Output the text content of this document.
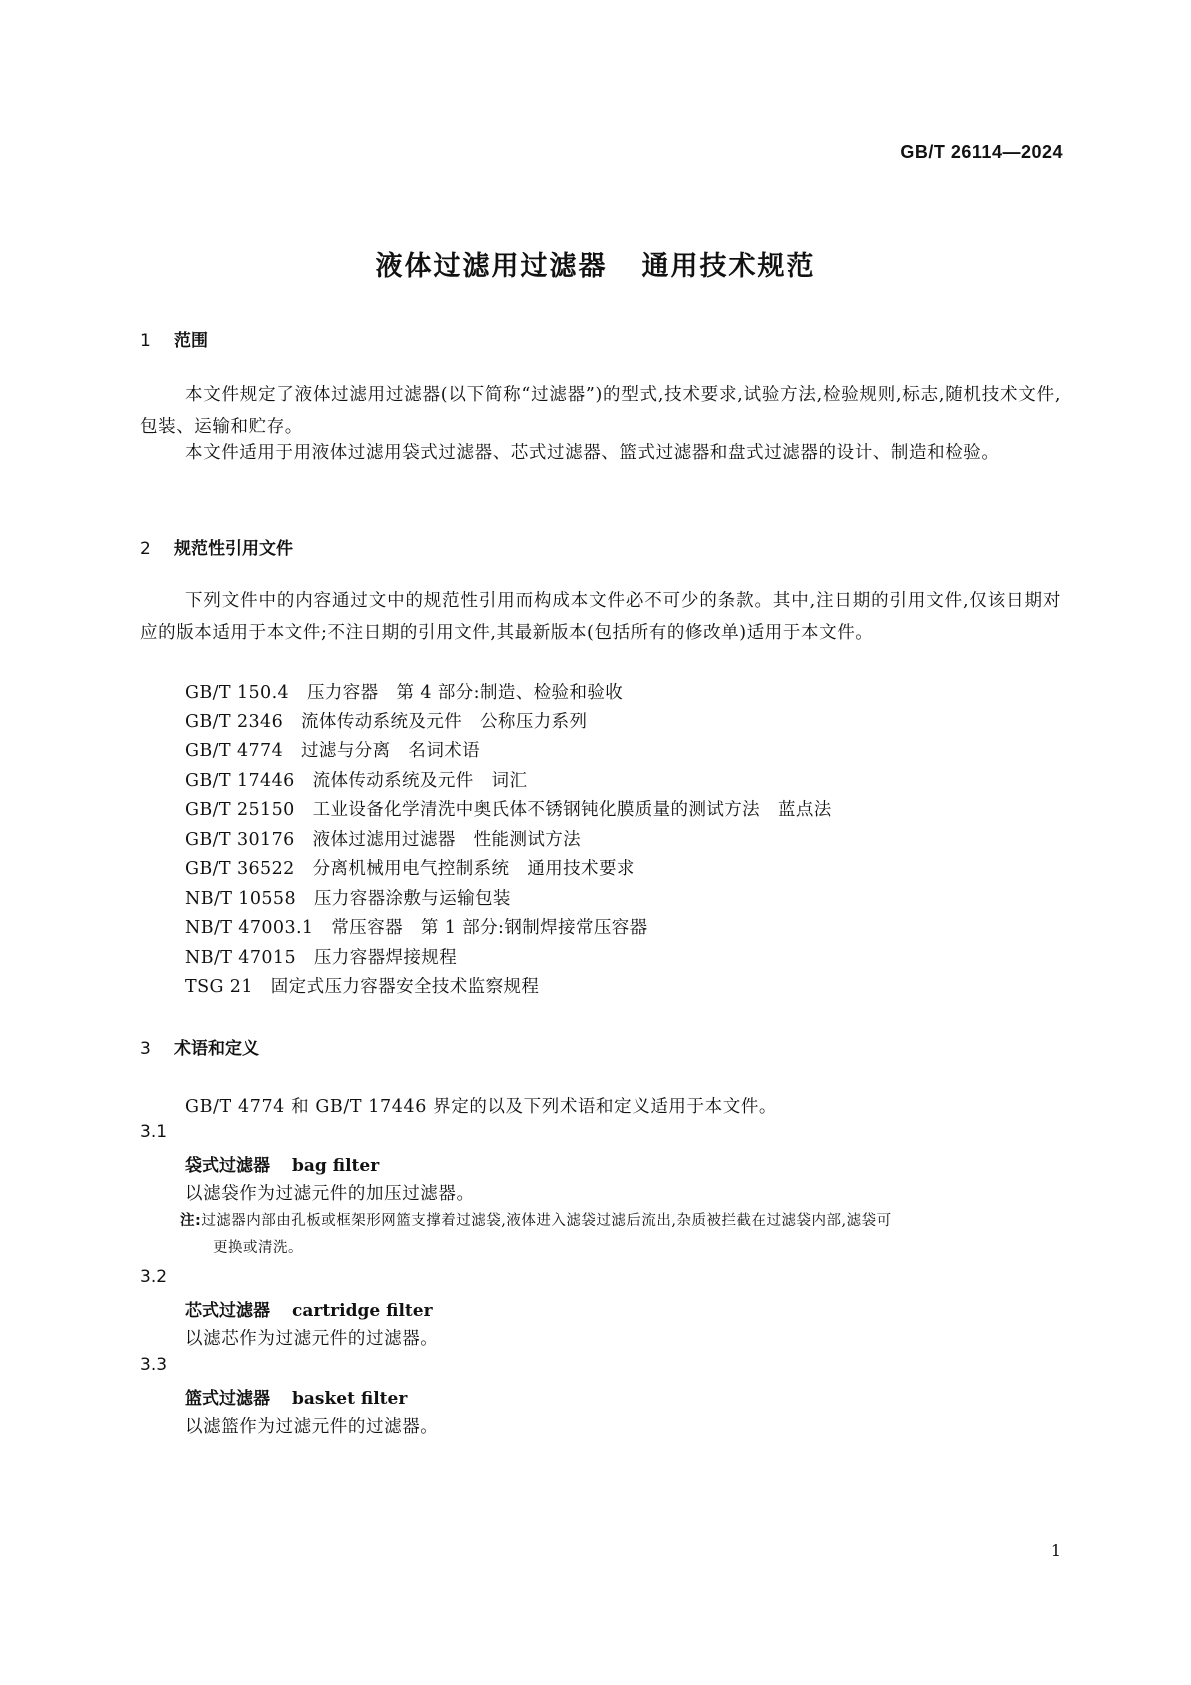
GB/T 26114—2024
液体过滤用过滤器 通用技术规范
1 范围
本文件规定了液体过滤用过滤器(以下简称“过滤器”)的型式,技术要求,试验方法,检验规则,标志,随机技术文件,包装、运输和贮存。
本文件适用于用液体过滤用袋式过滤器、芯式过滤器、篮式过滤器和盘式过滤器的设计、制造和检验。
2 规范性引用文件
下列文件中的内容通过文中的规范性引用而构成本文件必不可少的条款。其中,注日期的引用文件,仅该日期对应的版本适用于本文件;不注日期的引用文件,其最新版本(包括所有的修改单)适用于本文件。
GB/T 150.4　 压力容器　第 4 部分:制造、检验和验收
GB/T 2346　 流体传动系统及元件　公称压力系列
GB/T 4774　 过滤与分离　名词术语
GB/T 17446　 流体传动系统及元件　词汇
GB/T 25150　 工业设备化学清洗中奥氏体不锈钢钝化膜质量的测试方法　蓝点法
GB/T 30176　 液体过滤用过滤器　性能测试方法
GB/T 36522　 分离机械用电气控制系统　通用技术要求
NB/T 10558　 压力容器涂敷与运输包装
NB/T 47003.1　 常压容器　第 1 部分:钢制焊接常压容器
NB/T 47015　 压力容器焊接规程
TSG 21　 固定式压力容器安全技术监察规程
3 术语和定义
GB/T 4774 和 GB/T 17446 界定的以及下列术语和定义适用于本文件。
3.1
袋式过滤器 bag filter
以滤袋作为过滤元件的加压过滤器。
注:过滤器内部由孔板或框架形网篮支撑着过滤袋,液体进入滤袋过滤后流出,杂质被拦截在过滤袋内部,滤袋可
更换或清洗。
3.2
芯式过滤器 cartridge filter
以滤芯作为过滤元件的过滤器。
3.3
篮式过滤器 basket filter
以滤篮作为过滤元件的过滤器。
1
